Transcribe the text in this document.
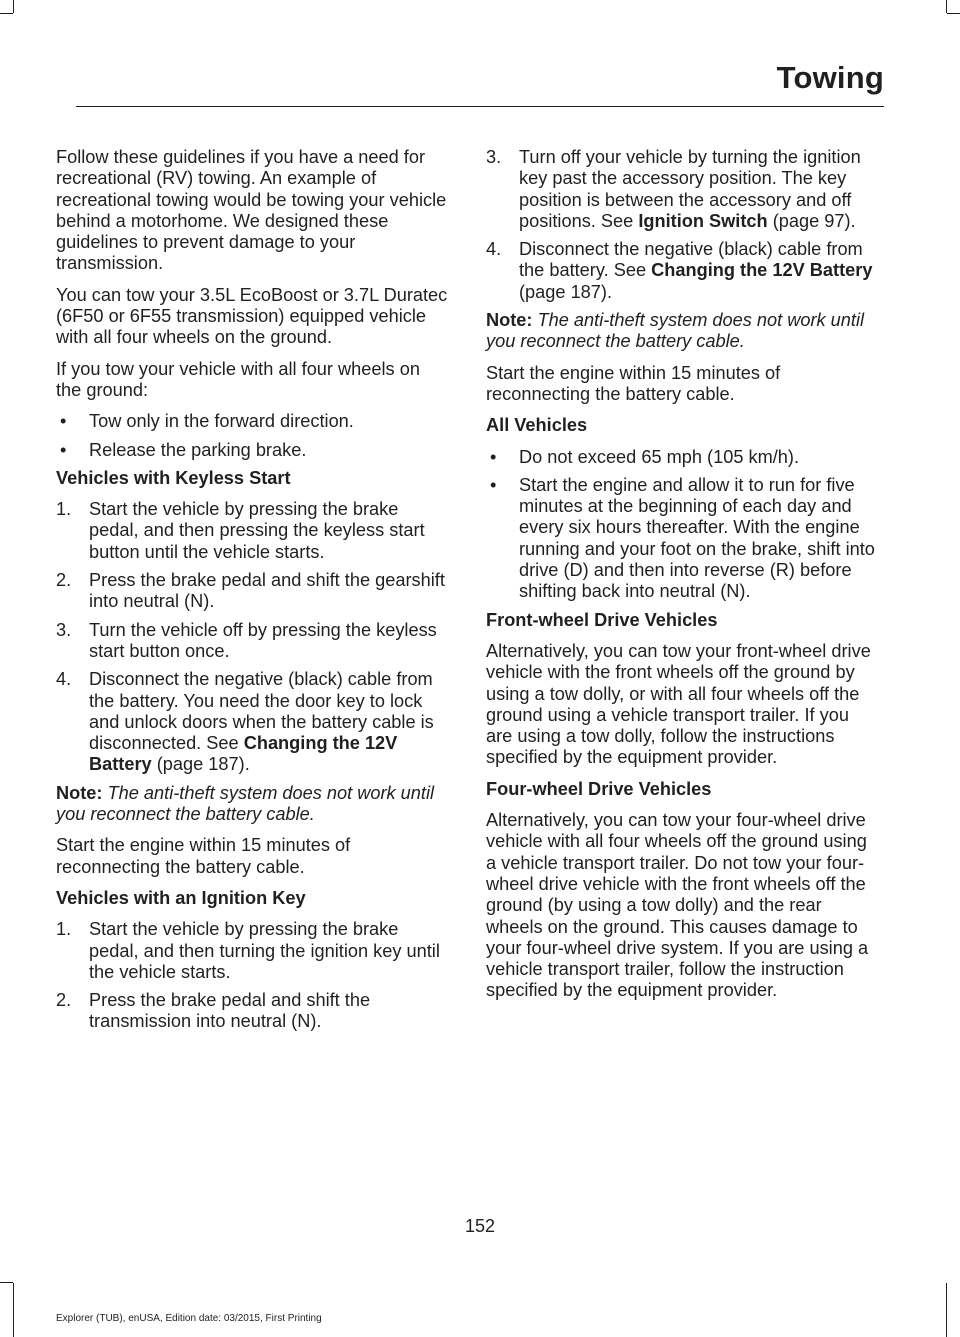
Towing

Follow these guidelines if you have a need for recreational (RV) towing. An example of recreational towing would be towing your vehicle behind a motorhome. We designed these guidelines to prevent damage to your transmission.

You can tow your 3.5L EcoBoost or 3.7L Duratec (6F50 or 6F55 transmission) equipped vehicle with all four wheels on the ground.

If you tow your vehicle with all four wheels on the ground:

• Tow only in the forward direction.
• Release the parking brake.
Vehicles with Keyless Start
1. Start the vehicle by pressing the brake pedal, and then pressing the keyless start button until the vehicle starts.
2. Press the brake pedal and shift the gearshift into neutral (N).
3. Turn the vehicle off by pressing the keyless start button once.
4. Disconnect the negative (black) cable from the battery. You need the door key to lock and unlock doors when the battery cable is disconnected. See Changing the 12V Battery (page 187).

Note: The anti-theft system does not work until you reconnect the battery cable.

Start the engine within 15 minutes of reconnecting the battery cable.

Vehicles with an Ignition Key
1. Start the vehicle by pressing the brake pedal, and then turning the ignition key until the vehicle starts.
2. Press the brake pedal and shift the transmission into neutral (N).
3. Turn off your vehicle by turning the ignition key past the accessory position. The key position is between the accessory and off positions. See Ignition Switch (page 97).
4. Disconnect the negative (black) cable from the battery. See Changing the 12V Battery (page 187).

Note: The anti-theft system does not work until you reconnect the battery cable.

Start the engine within 15 minutes of reconnecting the battery cable.

All Vehicles
• Do not exceed 65 mph (105 km/h).
• Start the engine and allow it to run for five minutes at the beginning of each day and every six hours thereafter. With the engine running and your foot on the brake, shift into drive (D) and then into reverse (R) before shifting back into neutral (N).
Front-wheel Drive Vehicles

Alternatively, you can tow your front-wheel drive vehicle with the front wheels off the ground by using a tow dolly, or with all four wheels off the ground using a vehicle transport trailer. If you are using a tow dolly, follow the instructions specified by the equipment provider.

Four-wheel Drive Vehicles

Alternatively, you can tow your four-wheel drive vehicle with all four wheels off the ground using a vehicle transport trailer. Do not tow your four-wheel drive vehicle with the front wheels off the ground (by using a tow dolly) and the rear wheels on the ground. This causes damage to your four-wheel drive system. If you are using a vehicle transport trailer, follow the instruction specified by the equipment provider.

152
Explorer (TUB), enUSA, Edition date: 03/2015, First Printing
